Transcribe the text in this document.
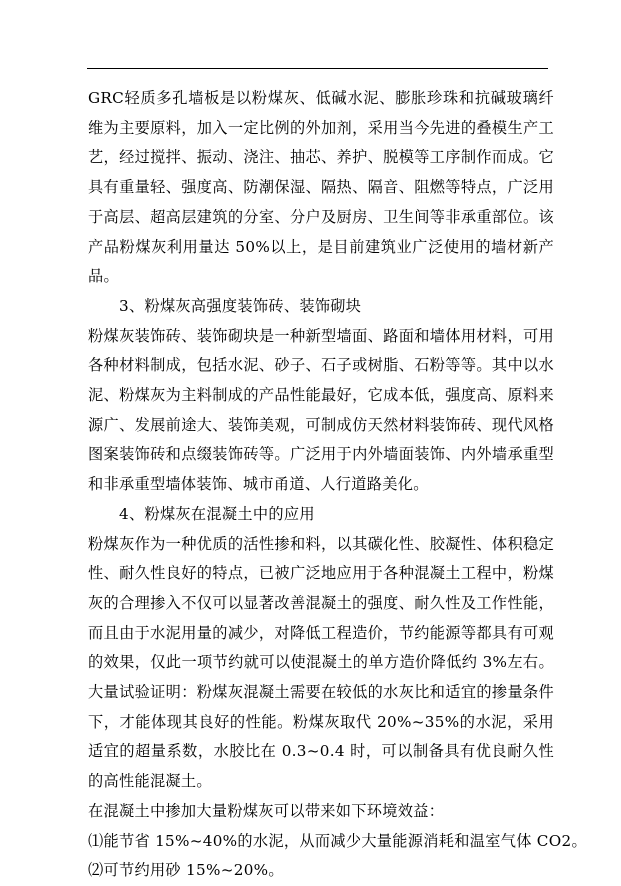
GRC轻质多孔墙板是以粉煤灰、低碱水泥、膨胀珍珠和抗碱玻璃纤维为主要原料，加入一定比例的外加剂，采用当今先进的叠模生产工艺，经过搅拌、振动、浇注、抽芯、养护、脱模等工序制作而成。它具有重量轻、强度高、防潮保湿、隔热、隔音、阻燃等特点，广泛用于高层、超高层建筑的分室、分户及厨房、卫生间等非承重部位。该产品粉煤灰利用量达 50%以上，是目前建筑业广泛使用的墙材新产品。

3、粉煤灰高强度装饰砖、装饰砌块

粉煤灰装饰砖、装饰砌块是一种新型墙面、路面和墙体用材料，可用各种材料制成，包括水泥、砂子、石子或树脂、石粉等等。其中以水泥、粉煤灰为主料制成的产品性能最好，它成本低，强度高、原料来源广、发展前途大、装饰美观，可制成仿天然材料装饰砖、现代风格图案装饰砖和点缀装饰砖等。广泛用于内外墙面装饰、内外墙承重型和非承重型墙体装饰、城市甬道、人行道路美化。

4、粉煤灰在混凝土中的应用

粉煤灰作为一种优质的活性掺和料，以其碳化性、胶凝性、体积稳定性、耐久性良好的特点，已被广泛地应用于各种混凝土工程中，粉煤灰的合理掺入不仅可以显著改善混凝土的强度、耐久性及工作性能，而且由于水泥用量的减少，对降低工程造价，节约能源等都具有可观的效果，仅此一项节约就可以使混凝土的单方造价降低约 3%左右。大量试验证明：粉煤灰混凝土需要在较低的水灰比和适宜的掺量条件下，才能体现其良好的性能。粉煤灰取代 20%~35%的水泥，采用适宜的超量系数，水胶比在 0.3~0.4 时，可以制备具有优良耐久性的高性能混凝土。

在混凝土中掺加大量粉煤灰可以带来如下环境效益：

⑴能节省 15%~40%的水泥，从而减少大量能源消耗和温室气体 CO2。

⑵可节约用砂 15%~20%。
